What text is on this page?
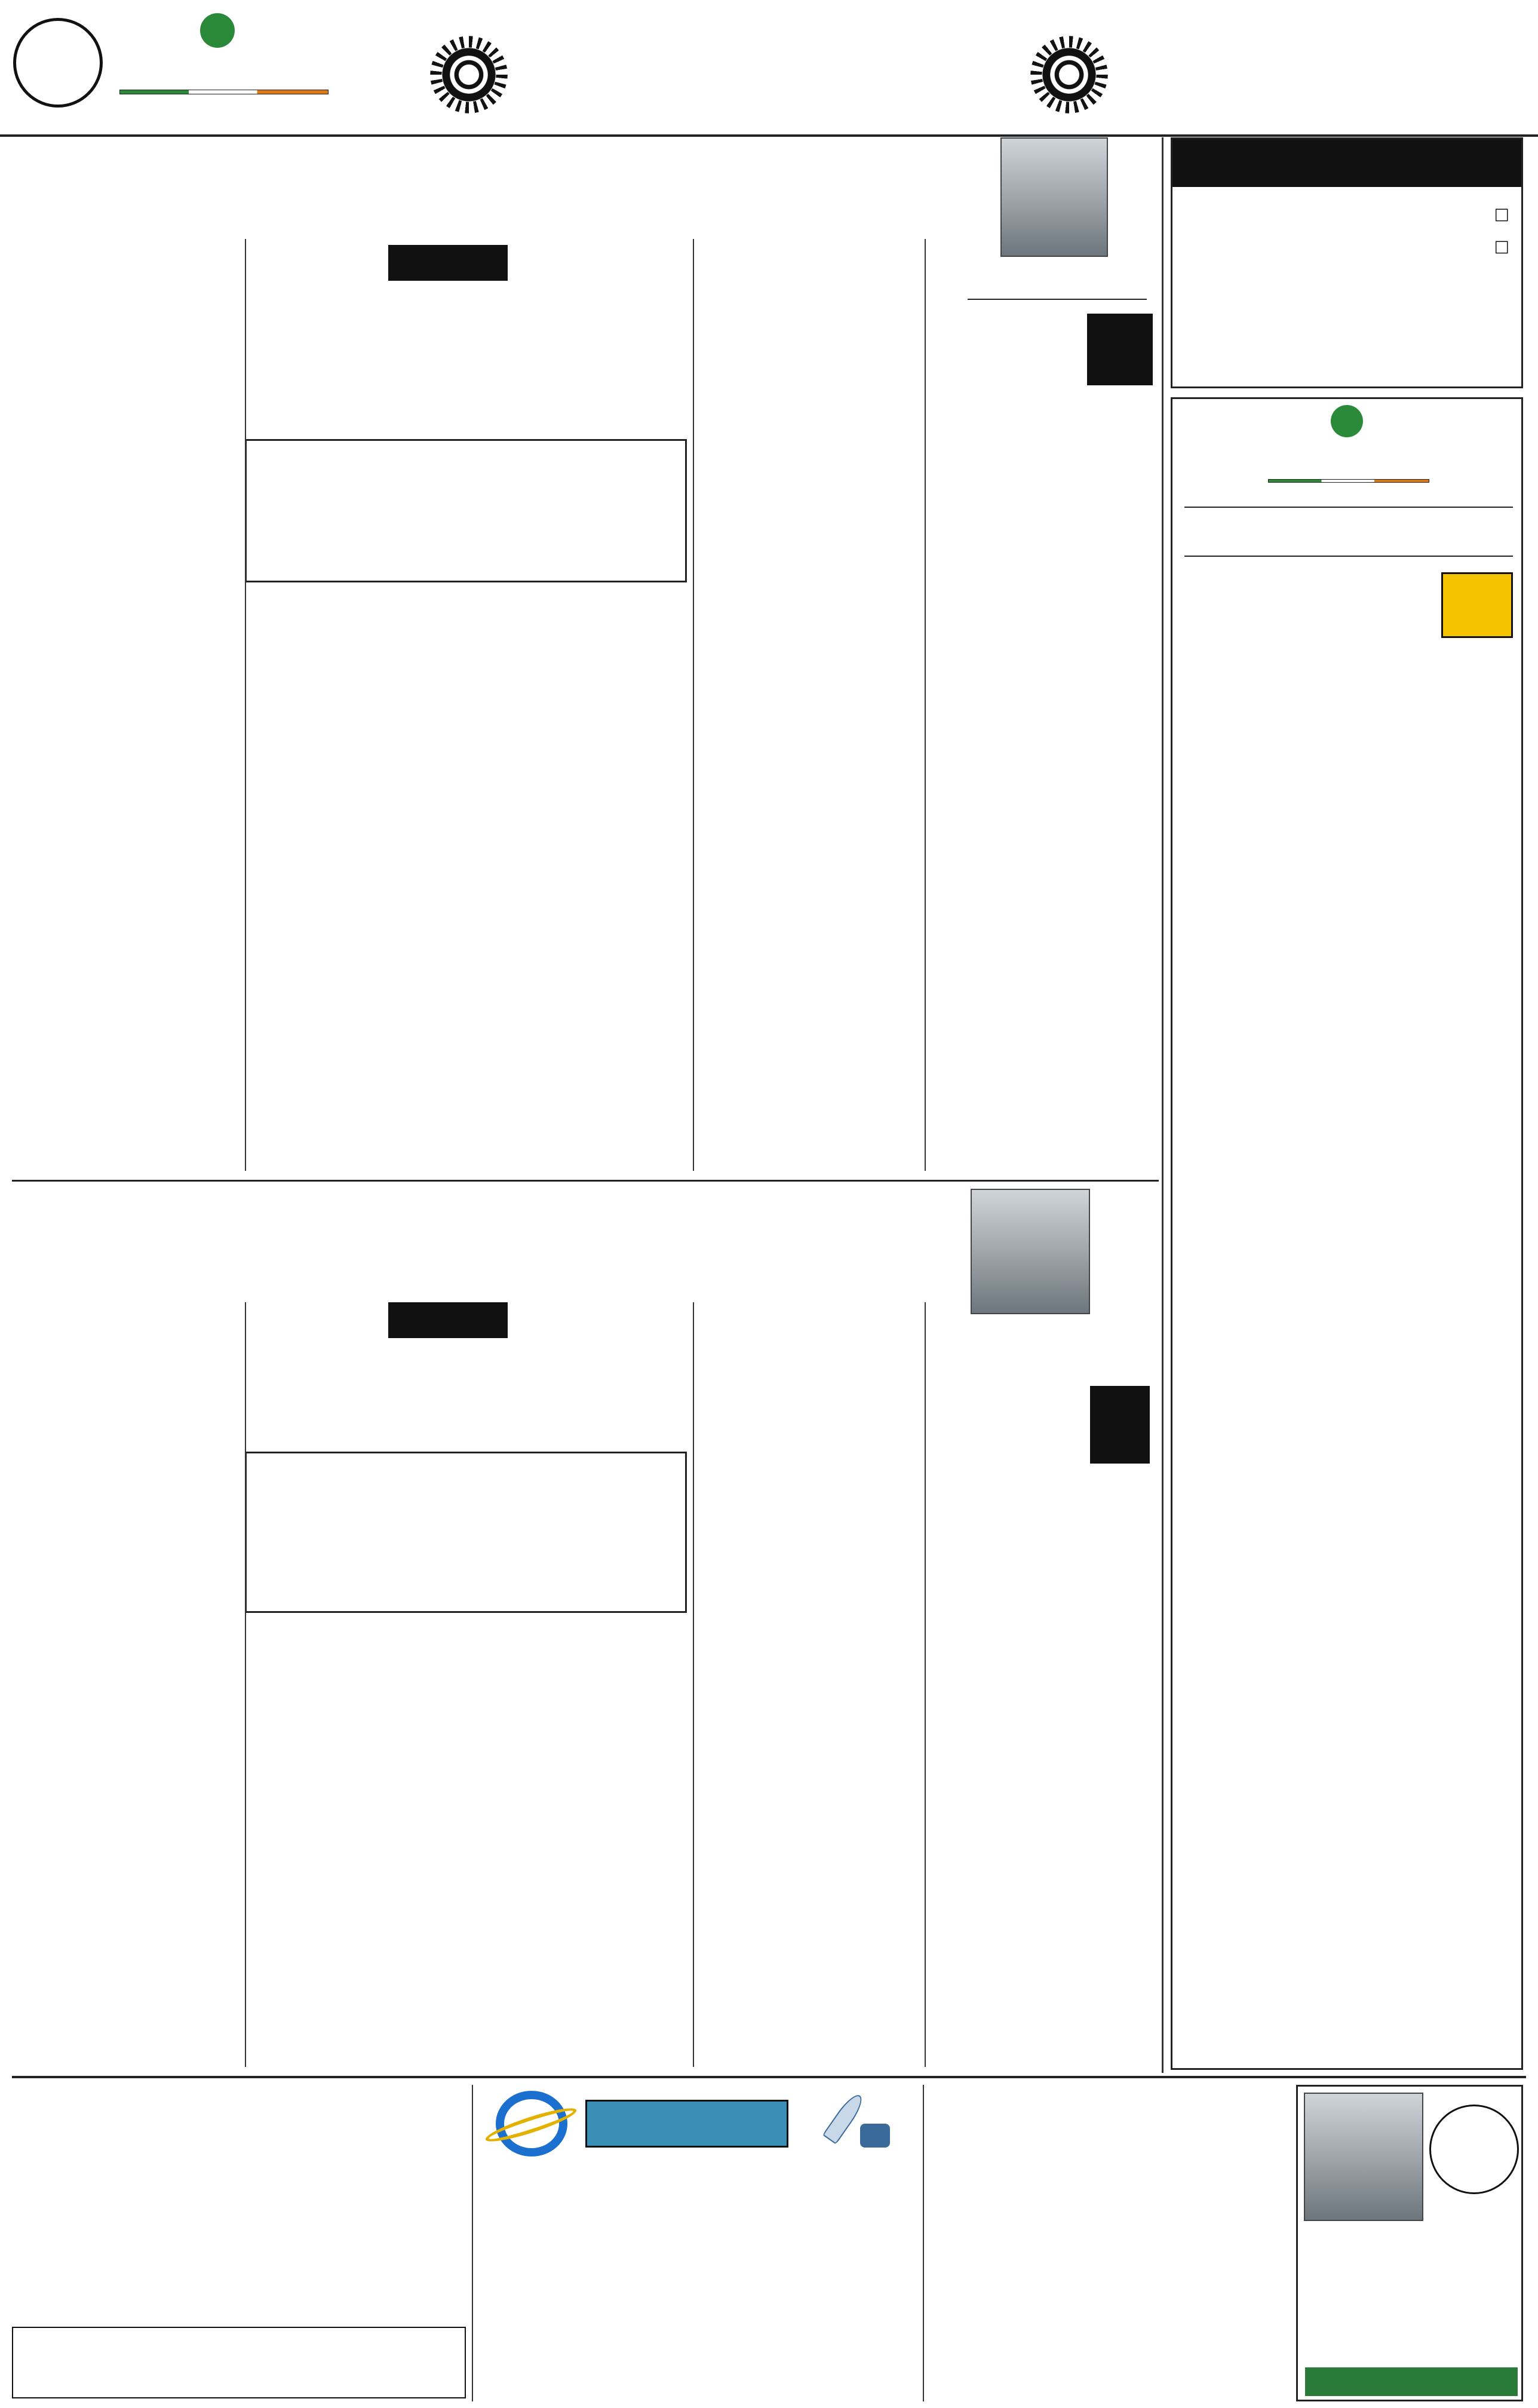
□
□
